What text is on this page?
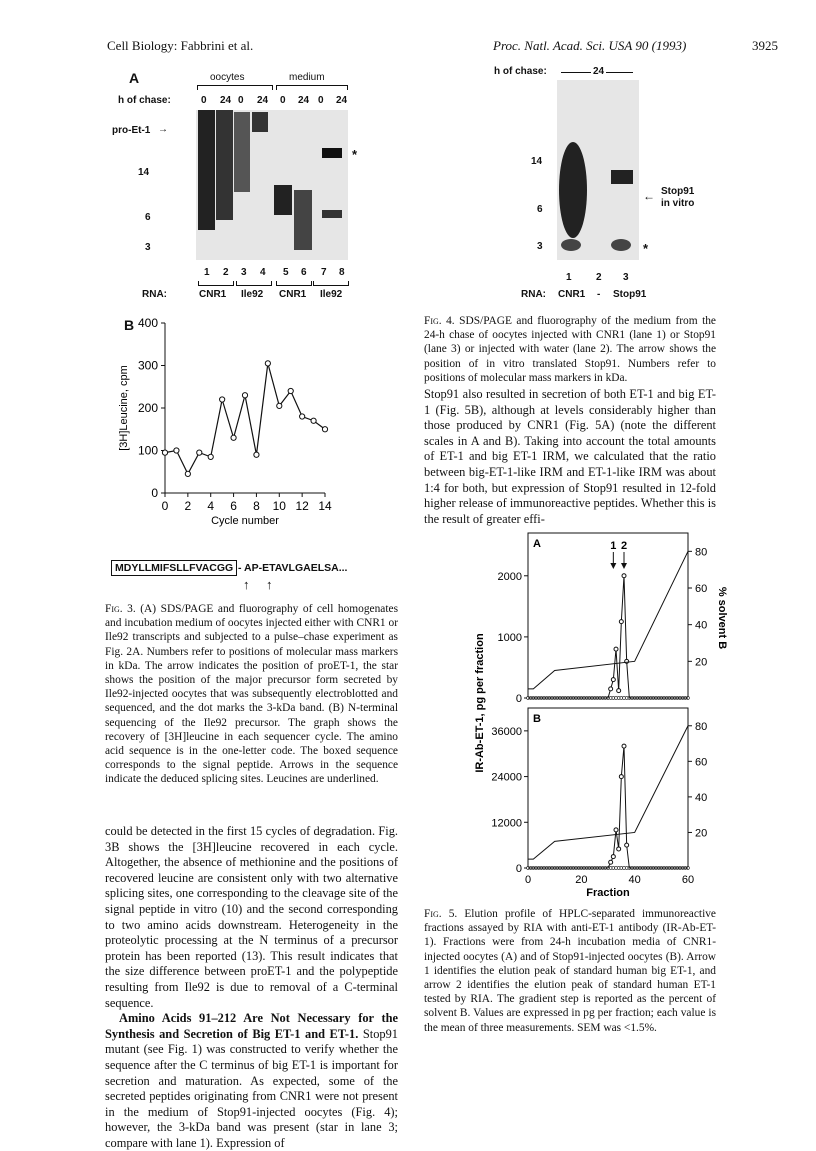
Cell Biology: Fabbrini et al.	Proc. Natl. Acad. Sci. USA 90 (1993)	3925
A	oocytes	medium
h of chase:	0 24 0 24 0 24 0 24
pro-Et-1 →
14
6
3
*
1 2 3 4 5 6 7 8
RNA:	CNR1 Ile92 CNR1 Ile92
B
0
100
200
300
400
0 2 4 6 8 10 12 14
Cycle number
[3H]Leucine, cpm
MDYLLMIFSLLFVACGG - AP-ETAVLGAELSA...
↑ ↑
Fig. 3. (A) SDS/PAGE and fluorography of cell homogenates and incubation medium of oocytes injected either with CNR1 or Ile92 transcripts and subjected to a pulse–chase experiment as Fig. 2A. Numbers refer to positions of molecular mass markers in kDa. The arrow indicates the position of proET-1, the star shows the position of the major precursor form secreted by Ile92-injected oocytes that was subsequently electroblotted and sequenced, and the dot marks the 3-kDa band. (B) N-terminal sequencing of the Ile92 precursor. The graph shows the recovery of [3H]leucine in each sequencer cycle. The amino acid sequence is in the one-letter code. The boxed sequence corresponds to the signal peptide. Arrows in the sequence indicate the deduced splicing sites. Leucines are underlined.

could be detected in the first 15 cycles of degradation. Fig. 3B shows the [3H]leucine recovered in each cycle. Altogether, the absence of methionine and the positions of recovered leucine are consistent only with two alternative splicing sites, one corresponding to the cleavage site of the signal peptide in vitro (10) and the second corresponding to two amino acids downstream. Heterogeneity in the proteolytic processing at the N terminus of a precursor protein has been reported (13). This result indicates that the size difference between proET-1 and the polypeptide resulting from Ile92 is due to removal of a C-terminal sequence.

Amino Acids 91–212 Are Not Necessary for the Synthesis and Secretion of Big ET-1 and ET-1. Stop91 mutant (see Fig. 1) was constructed to verify whether the sequence after the C terminus of big ET-1 is important for secretion and maturation. As expected, some of the secreted peptides originating from CNR1 were not present in the medium of Stop91-injected oocytes (Fig. 4); however, the 3-kDa band was present (star in lane 3; compare with lane 1). Expression of

h of chase:	24
14
6
3
← Stop91
in vitro
*
1 2 3
RNA: CNR1 - Stop91
Fig. 4. SDS/PAGE and fluorography of the medium from the 24-h chase of oocytes injected with CNR1 (lane 1) or Stop91 (lane 3) or injected with water (lane 2). The arrow shows the position of in vitro translated Stop91. Numbers refer to positions of molecular mass markers in kDa.

Stop91 also resulted in secretion of both ET-1 and big ET-1 (Fig. 5B), although at levels considerably higher than those produced by CNR1 (Fig. 5A) (note the different scales in A and B). Taking into account the total amounts of ET-1 and big ET-1 IRM, we calculated that the ratio between big-ET-1-like IRM and ET-1-like IRM was about 1:4 for both, but expression of Stop91 resulted in 12-fold higher release of immunoreactive peptides. Whether this is the result of greater effi-

A
0
1000
2000
20
40
60
80
B
0
12000
24000
36000
20
40
60
80
1 2
0	20	40	60
Fraction
IR-Ab-ET-1, pg per fraction
% solvent B
Fig. 5. Elution profile of HPLC-separated immunoreactive fractions assayed by RIA with anti-ET-1 antibody (IR-Ab-ET-1). Fractions were from 24-h incubation media of CNR1-injected oocytes (A) and of Stop91-injected oocytes (B). Arrow 1 identifies the elution peak of standard human big ET-1, and arrow 2 identifies the elution peak of standard human ET-1 tested by RIA. The gradient step is reported as the percent of solvent B. Values are expressed in pg per fraction; each value is the mean of three measurements. SEM was <1.5%.
